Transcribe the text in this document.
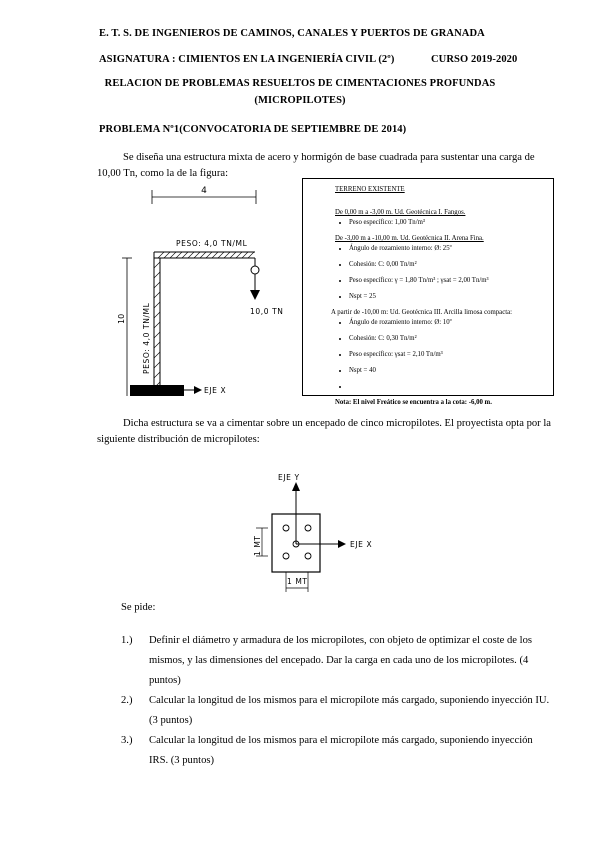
E. T. S. DE INGENIEROS DE CAMINOS, CANALES Y PUERTOS DE GRANADA
ASIGNATURA : CIMIENTOS EN LA INGENIERÍA CIVIL (2º)	CURSO 2019-2020
RELACION DE PROBLEMAS RESUELTOS DE CIMENTACIONES PROFUNDAS
(MICROPILOTES)
PROBLEMA Nº1(CONVOCATORIA DE SEPTIEMBRE DE 2014)
Se diseña una estructura mixta de acero y hormigón de base cuadrada para sustentar una carga de 10,00 Tn, como la de la figura:
4
PESO: 4,0 TN/ML
PESO: 4,0 TN/ML
10
10,0 TN
EJE X
TERRENO EXISTENTE
De 0,00 m a -3,00 m. Ud. Geotécnica I. Fangos.
• Peso específico: 1,00 Tn/m³
De -3,00 m a -10,00 m. Ud. Geotécnica II. Arena Fina.
• Ángulo de rozamiento interno: Ø: 25º
• Cohesión: C: 0,00 Tn/m²
• Peso específico: γ = 1,80 Tn/m³ ; γsat = 2,00 Tn/m³
• Nspt = 25
A partir de -10,00 m: Ud. Geotécnica III. Arcilla limosa compacta:
• Ángulo de rozamiento interno: Ø: 10º
• Cohesión: C: 0,30 Tn/m²
• Peso específico: γsat = 2,10 Tn/m³
• Nspt = 40
•
Nota: El nivel Freático se encuentra a la cota: -6,00 m.
Dicha estructura se va a cimentar sobre un encepado de cinco micropilotes. El proyectista opta por la siguiente distribución de micropilotes:
EJE Y
EJE X
1 MT
1 MT
Se pide:
1.) Definir el diámetro y armadura de los micropilotes, con objeto de optimizar el coste de los mismos, y las dimensiones del encepado. Dar la carga en cada uno de los micropilotes. (4 puntos)
2.) Calcular la longitud de los mismos para el micropilote más cargado, suponiendo inyección IU. (3 puntos)
3.) Calcular la longitud de los mismos para el micropilote más cargado, suponiendo inyección IRS. (3 puntos)
